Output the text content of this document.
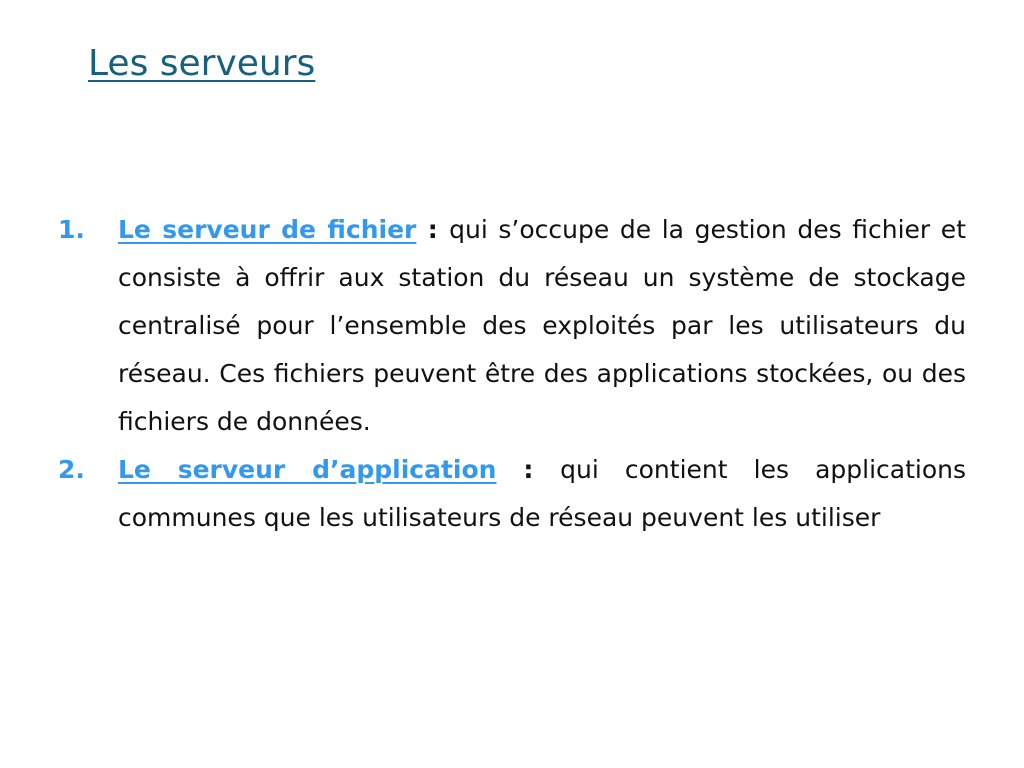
Les serveurs
1.	Le serveur de fichier : qui s’occupe de la gestion des fichier et consiste à offrir aux station du réseau un système de stockage centralisé pour l’ensemble des exploités par les utilisateurs du réseau. Ces fichiers peuvent être des applications stockées, ou des fichiers de données.
2.	Le serveur d’application : qui contient les applications communes que les utilisateurs de réseau peuvent les utiliser
